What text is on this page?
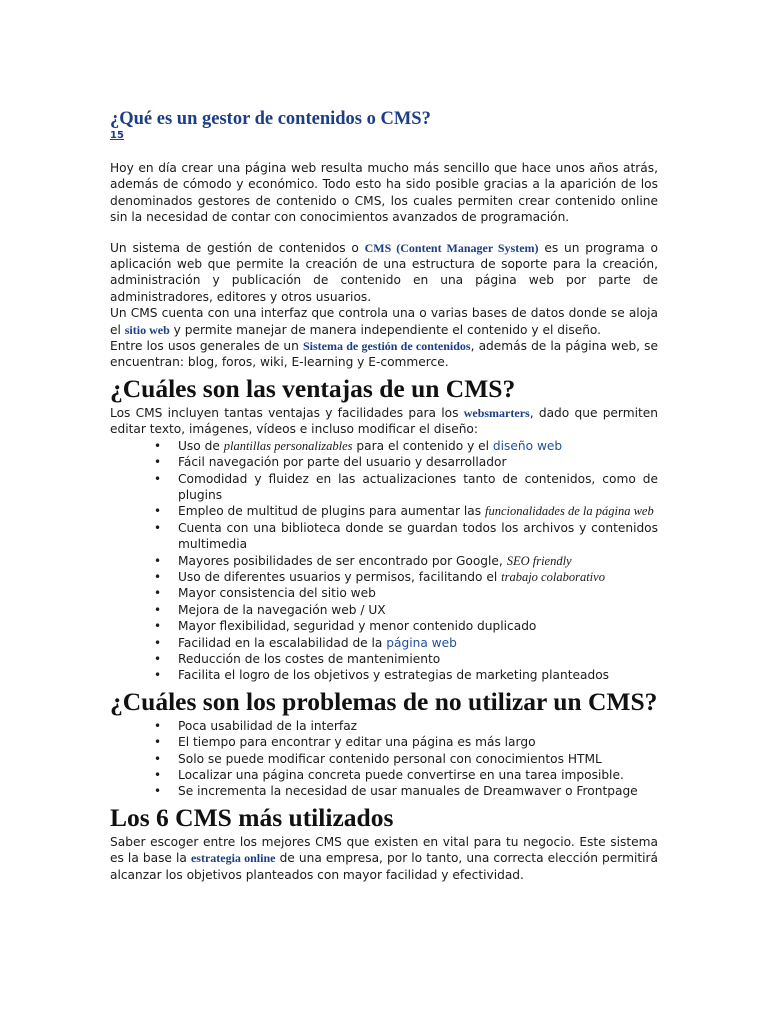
¿Qué es un gestor de contenidos o CMS?
15

Hoy en día crear una página web resulta mucho más sencillo que hace unos años atrás, además de cómodo y económico. Todo esto ha sido posible gracias a la aparición de los denominados gestores de contenido o CMS, los cuales permiten crear contenido online sin la necesidad de contar con conocimientos avanzados de programación.

Un sistema de gestión de contenidos o CMS (Content Manager System) es un programa o aplicación web que permite la creación de una estructura de soporte para la creación, administración y publicación de contenido en una página web por parte de administradores, editores y otros usuarios.

Un CMS cuenta con una interfaz que controla una o varias bases de datos donde se aloja el sitio web y permite manejar de manera independiente el contenido y el diseño.

Entre los usos generales de un Sistema de gestión de contenidos, además de la página web, se encuentran: blog, foros, wiki, E-learning y E-commerce.

¿Cuáles son las ventajas de un CMS?

Los CMS incluyen tantas ventajas y facilidades para los websmarters, dado que permiten editar texto, imágenes, vídeos e incluso modificar el diseño:

• Uso de plantillas personalizables para el contenido y el diseño web
• Fácil navegación por parte del usuario y desarrollador
• Comodidad y fluidez en las actualizaciones tanto de contenidos, como de plugins
• Empleo de multitud de plugins para aumentar las funcionalidades de la página web
• Cuenta con una biblioteca donde se guardan todos los archivos y contenidos multimedia
• Mayores posibilidades de ser encontrado por Google, SEO friendly
• Uso de diferentes usuarios y permisos, facilitando el trabajo colaborativo
• Mayor consistencia del sitio web
• Mejora de la navegación web / UX
• Mayor flexibilidad, seguridad y menor contenido duplicado
• Facilidad en la escalabilidad de la página web
• Reducción de los costes de mantenimiento
• Facilita el logro de los objetivos y estrategias de marketing planteados
¿Cuáles son los problemas de no utilizar un CMS?
• Poca usabilidad de la interfaz
• El tiempo para encontrar y editar una página es más largo
• Solo se puede modificar contenido personal con conocimientos HTML
• Localizar una página concreta puede convertirse en una tarea imposible.
• Se incrementa la necesidad de usar manuales de Dreamwaver o Frontpage
Los 6 CMS más utilizados

Saber escoger entre los mejores CMS que existen en vital para tu negocio. Este sistema es la base la estrategia online de una empresa, por lo tanto, una correcta elección permitirá alcanzar los objetivos planteados con mayor facilidad y efectividad.
